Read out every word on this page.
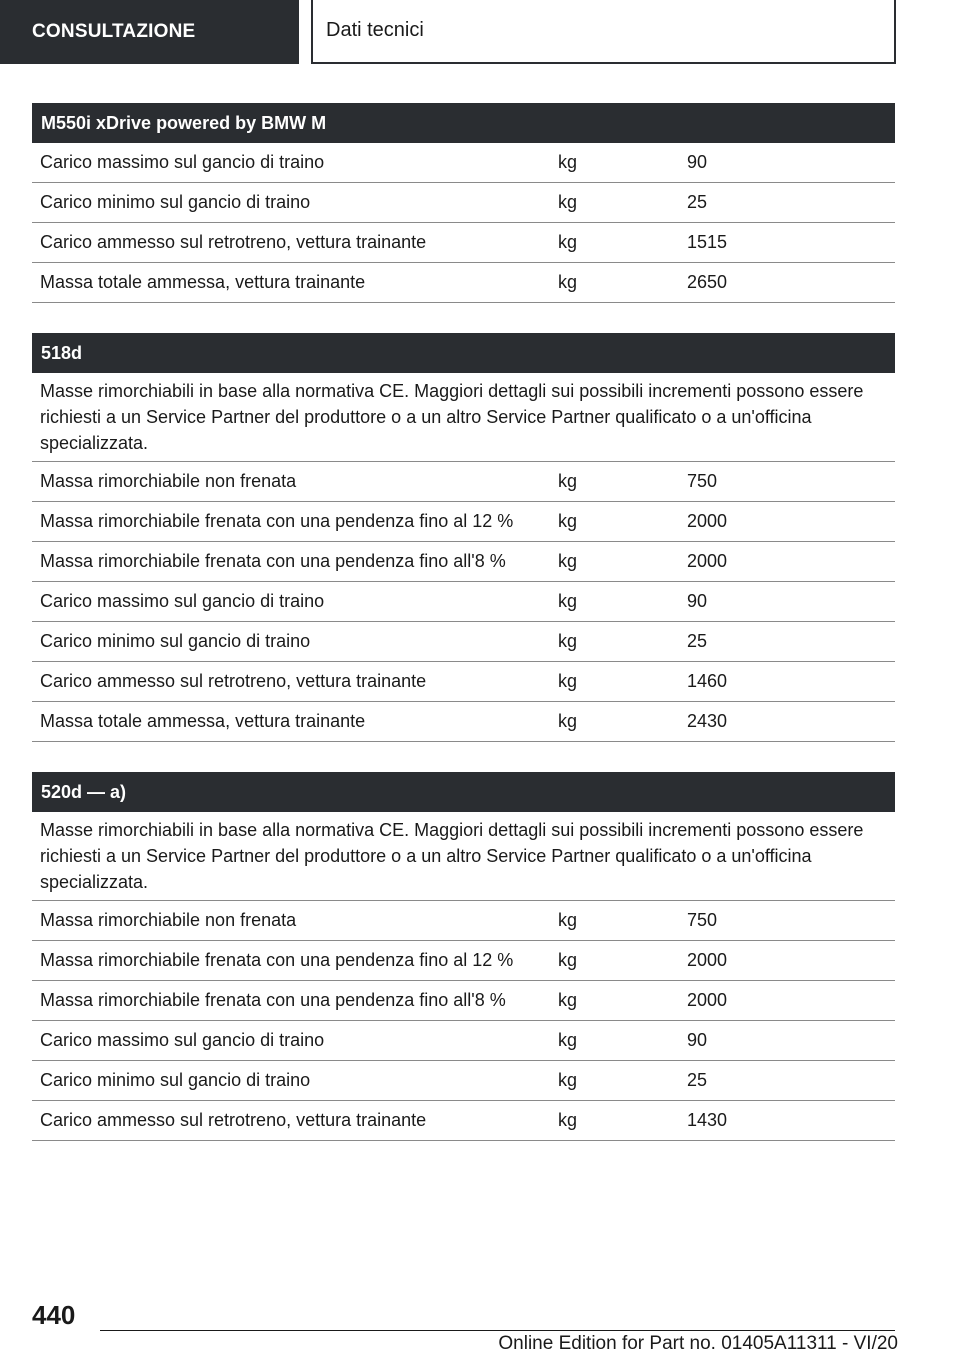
CONSULTAZIONE	Dati tecnici
M550i xDrive powered by BMW M
Carico massimo sul gancio di traino	kg	90
Carico minimo sul gancio di traino	kg	25
Carico ammesso sul retrotreno, vettura trainante	kg	1515
Massa totale ammessa, vettura trainante	kg	2650
518d
Masse rimorchiabili in base alla normativa CE. Maggiori dettagli sui possibili incrementi possono essere richiesti a un Service Partner del produttore o a un altro Service Partner qualificato o a un'officina specializzata.
Massa rimorchiabile non frenata	kg	750
Massa rimorchiabile frenata con una pendenza fino al 12 %	kg	2000
Massa rimorchiabile frenata con una pendenza fino all'8 %	kg	2000
Carico massimo sul gancio di traino	kg	90
Carico minimo sul gancio di traino	kg	25
Carico ammesso sul retrotreno, vettura trainante	kg	1460
Massa totale ammessa, vettura trainante	kg	2430
520d — a)
Masse rimorchiabili in base alla normativa CE. Maggiori dettagli sui possibili incrementi possono essere richiesti a un Service Partner del produttore o a un altro Service Partner qualificato o a un'officina specializzata.
Massa rimorchiabile non frenata	kg	750
Massa rimorchiabile frenata con una pendenza fino al 12 %	kg	2000
Massa rimorchiabile frenata con una pendenza fino all'8 %	kg	2000
Carico massimo sul gancio di traino	kg	90
Carico minimo sul gancio di traino	kg	25
Carico ammesso sul retrotreno, vettura trainante	kg	1430
440
Online Edition for Part no. 01405A11311 - VI/20
